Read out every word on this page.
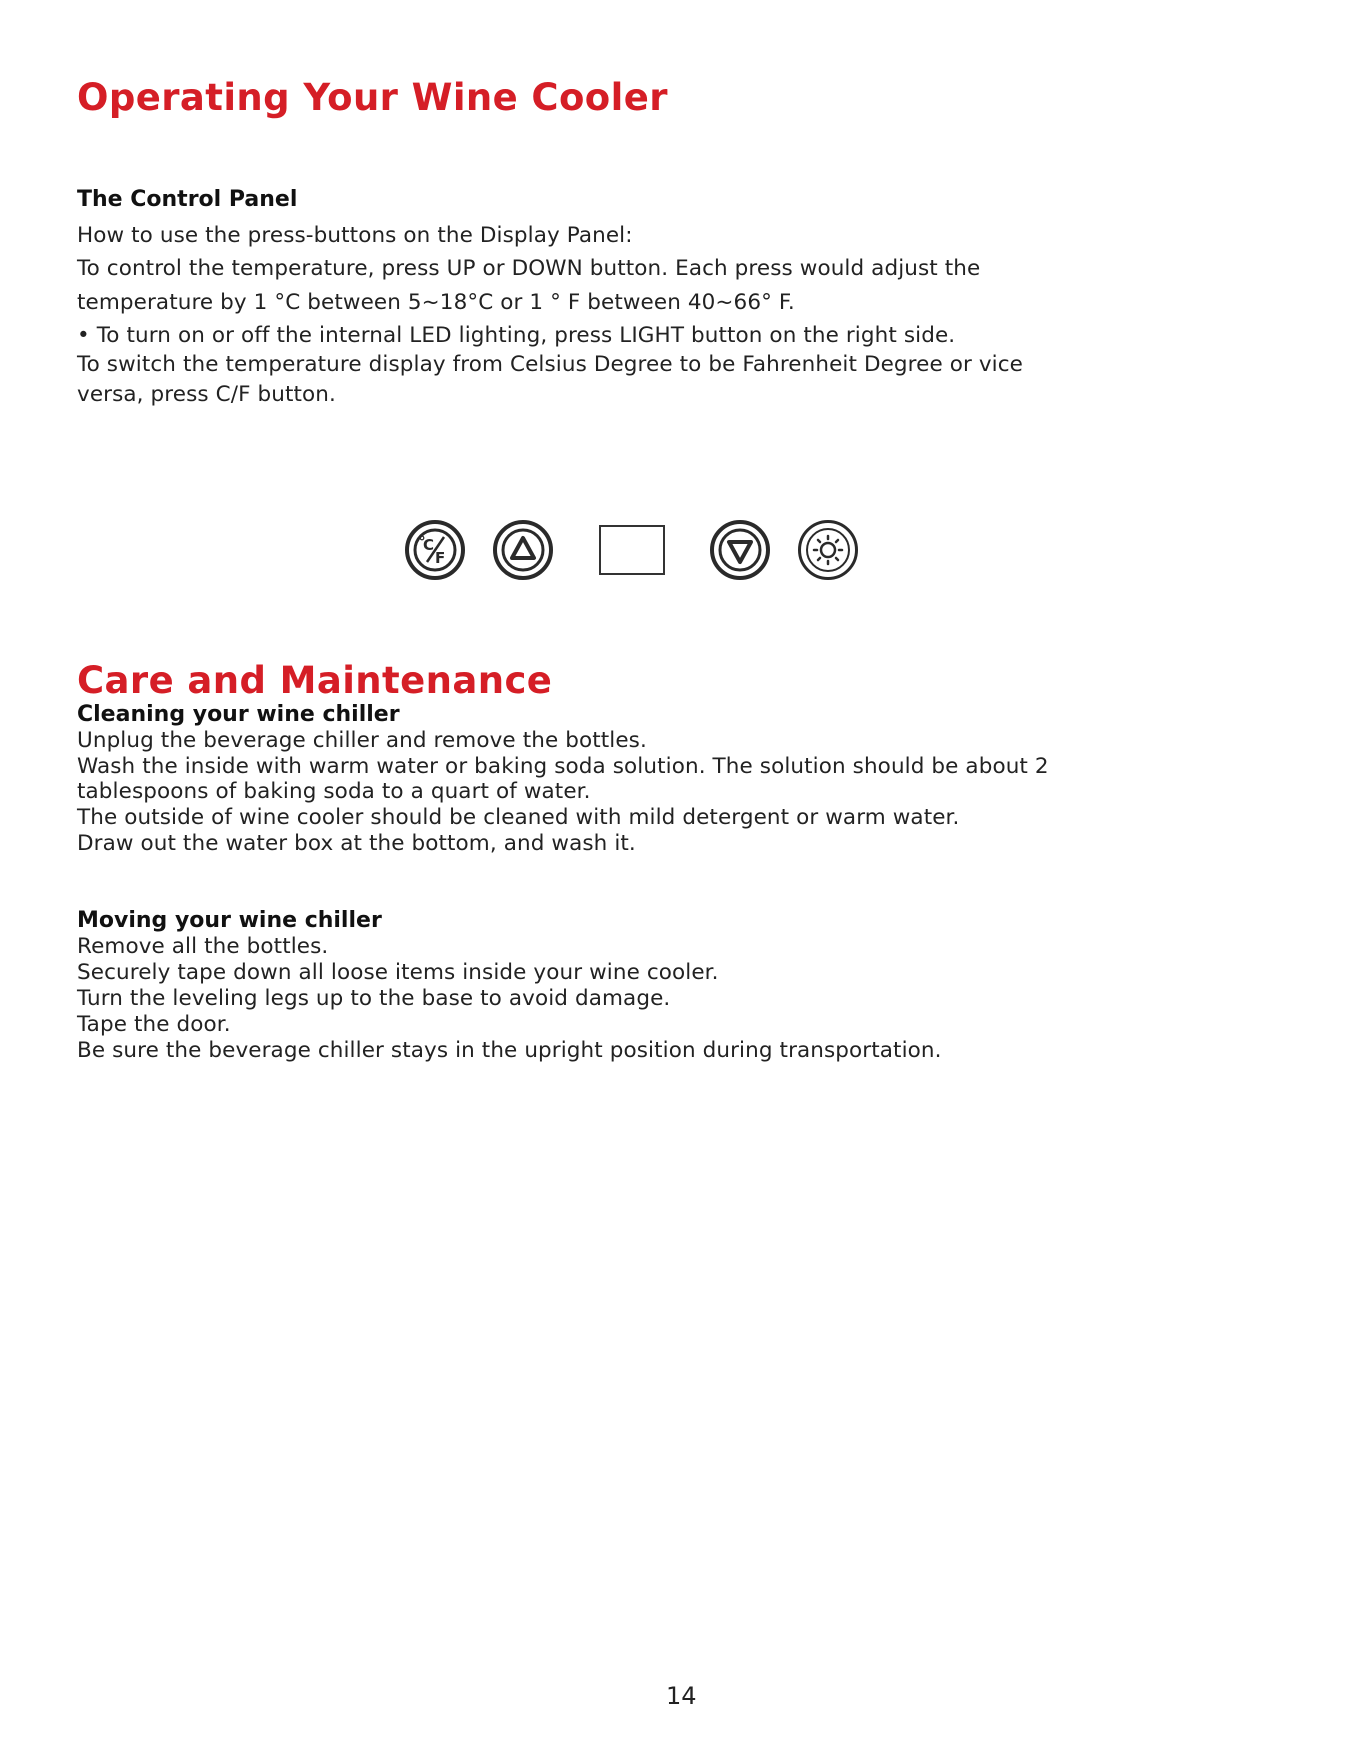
Operating Your Wine Cooler
The Control Panel
How to use the press-buttons on the Display Panel:
To control the temperature, press UP or DOWN button. Each press would adjust the
temperature by 1 °C between 5~18°C or 1 ° F between 40~66° F.
• To turn on or off the internal LED lighting, press LIGHT button on the right side.
To switch the temperature display from Celsius Degree to be Fahrenheit Degree or vice
versa, press C/F button.
C
F
Care and Maintenance
Cleaning your wine chiller
Unplug the beverage chiller and remove the bottles.
Wash the inside with warm water or baking soda solution. The solution should be about 2
tablespoons of baking soda to a quart of water.
The outside of wine cooler should be cleaned with mild detergent or warm water.
Draw out the water box at the bottom, and wash it.
Moving your wine chiller
Remove all the bottles.
Securely tape down all loose items inside your wine cooler.
Turn the leveling legs up to the base to avoid damage.
Tape the door.
Be sure the beverage chiller stays in the upright position during transportation.
14
